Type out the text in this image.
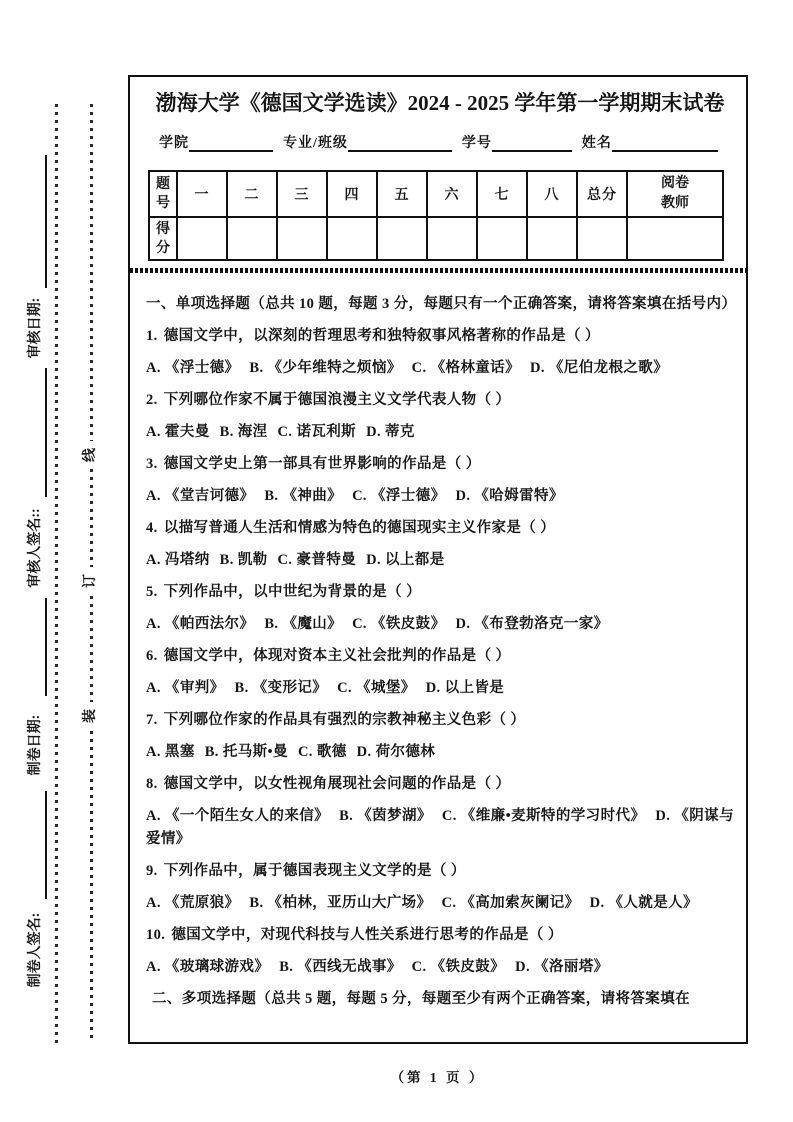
审核日期:
审核人签名::
制卷日期:
制卷人签名:
线
订
装
渤海大学《德国文学选读》2024 - 2025 学年第一学期期末试卷
学院	专业/班级	学号	姓名
题号	一	二	三	四	五	六	七	八	总分	阅卷教师
得分										

一、单项选择题（总共 10 题，每题 3 分，每题只有一个正确答案，请将答案填在括号内）

1. 德国文学中，以深刻的哲理思考和独特叙事风格著称的作品是（ ）

A. 《浮士德》 B. 《少年维特之烦恼》 C. 《格林童话》 D. 《尼伯龙根之歌》

2. 下列哪位作家不属于德国浪漫主义文学代表人物（ ）

A. 霍夫曼 B. 海涅 C. 诺瓦利斯 D. 蒂克

3. 德国文学史上第一部具有世界影响的作品是（ ）

A. 《堂吉诃德》 B. 《神曲》 C. 《浮士德》 D. 《哈姆雷特》

4. 以描写普通人生活和情感为特色的德国现实主义作家是（ ）

A. 冯塔纳 B. 凯勒 C. 豪普特曼 D. 以上都是

5. 下列作品中，以中世纪为背景的是（ ）

A. 《帕西法尔》 B. 《魔山》 C. 《铁皮鼓》 D. 《布登勃洛克一家》

6. 德国文学中，体现对资本主义社会批判的作品是（ ）

A. 《审判》 B. 《变形记》 C. 《城堡》 D. 以上皆是

7. 下列哪位作家的作品具有强烈的宗教神秘主义色彩（ ）

A. 黑塞 B. 托马斯•曼 C. 歌德 D. 荷尔德林

8. 德国文学中，以女性视角展现社会问题的作品是（ ）

A. 《一个陌生女人的来信》 B. 《茵梦湖》 C. 《维廉•麦斯特的学习时代》 D. 《阴谋与爱情》

9. 下列作品中，属于德国表现主义文学的是（ ）

A. 《荒原狼》 B. 《柏林，亚历山大广场》 C. 《高加索灰阑记》 D. 《人就是人》

10. 德国文学中，对现代科技与人性关系进行思考的作品是（ ）

A. 《玻璃球游戏》 B. 《西线无战事》 C. 《铁皮鼓》 D. 《洛丽塔》

二、多项选择题（总共 5 题，每题 5 分，每题至少有两个正确答案，请将答案填在

（第 1 页 ）
